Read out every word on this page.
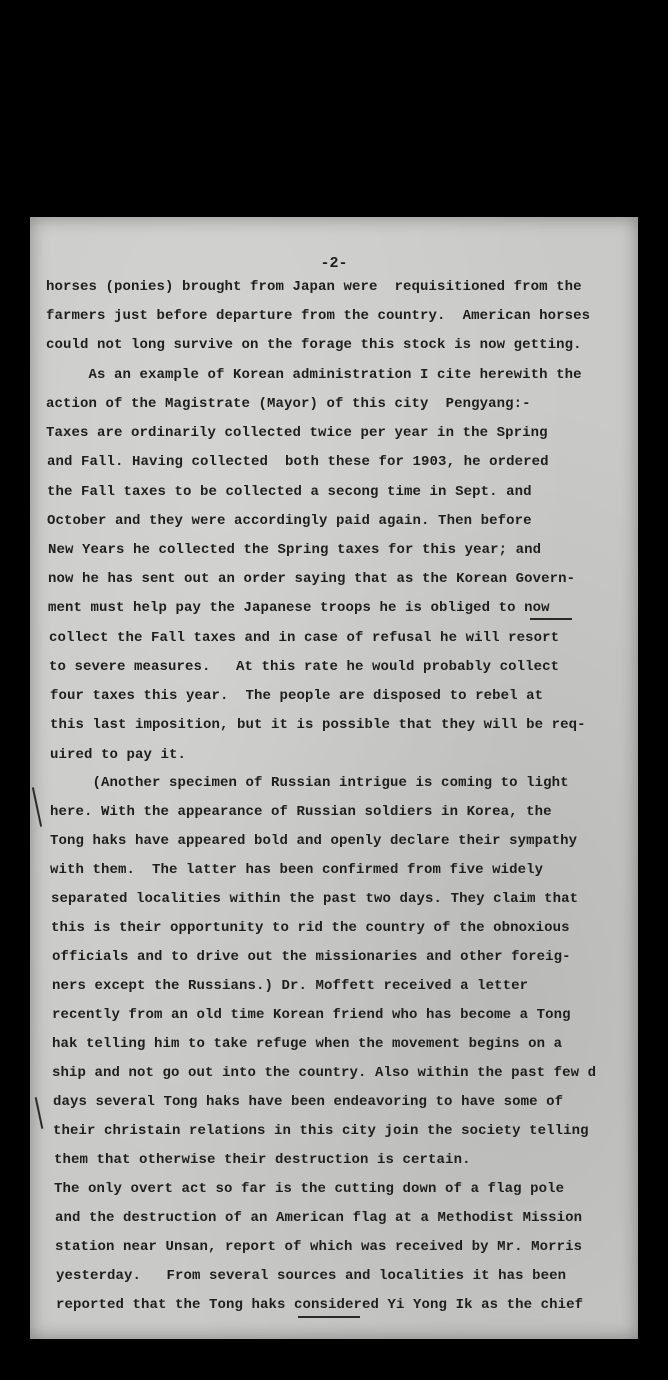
-2-

horses (ponies) brought from Japan were  requisitioned from the
farmers just before departure from the country.  American horses
could not long survive on the forage this stock is now getting.
As an example of Korean administration I cite herewith the
action of the Magistrate (Mayor) of this city  Pengyang:-
Taxes are ordinarily collected twice per year in the Spring
and Fall. Having collected  both these for 1903, he ordered
the Fall taxes to be collected a secong time in Sept. and
October and they were accordingly paid again. Then before
New Years he collected the Spring taxes for this year; and
now he has sent out an order saying that as the Korean Govern-
ment must help pay the Japanese troops he is obliged to now
collect the Fall taxes and in case of refusal he will resort
to severe measures.   At this rate he would probably collect
four taxes this year.  The people are disposed to rebel at
this last imposition, but it is possible that they will be req-
uired to pay it.
(Another specimen of Russian intrigue is coming to light
here. With the appearance of Russian soldiers in Korea, the
Tong haks have appeared bold and openly declare their sympathy
with them.  The latter has been confirmed from five widely
separated localities within the past two days. They claim that
this is their opportunity to rid the country of the obnoxious
officials and to drive out the missionaries and other foreig-
ners except the Russians.) Dr. Moffett received a letter
recently from an old time Korean friend who has become a Tong
hak telling him to take refuge when the movement begins on a
ship and not go out into the country. Also within the past few d
days several Tong haks have been endeavoring to have some of
their christain relations in this city join the society telling
them that otherwise their destruction is certain.
The only overt act so far is the cutting down of a flag pole
and the destruction of an American flag at a Methodist Mission
station near Unsan, report of which was received by Mr. Morris
yesterday.   From several sources and localities it has been
reported that the Tong haks considered Yi Yong Ik as the chief
